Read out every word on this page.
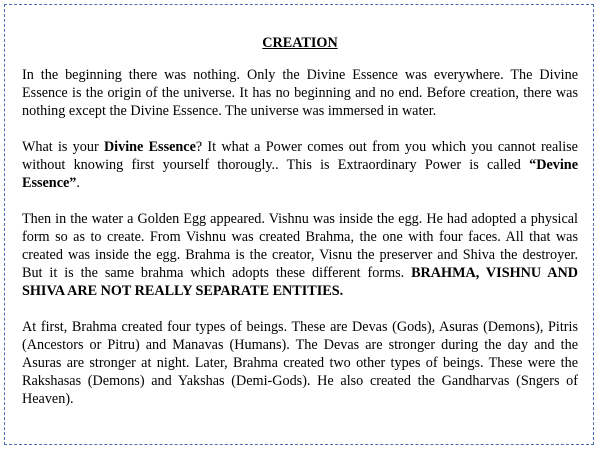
CREATION

In the beginning there was nothing. Only the Divine Essence was everywhere. The Divine Essence is the origin of the universe. It has no beginning and no end. Before creation, there was nothing except the Divine Essence. The universe was immersed in water.

What is your Divine Essence? It what a Power comes out from you which you cannot realise without knowing first yourself thorougly.. This is Extraordinary Power is called “Devine Essence”.

Then in the water a Golden Egg appeared. Vishnu was inside the egg. He had adopted a physical form so as to create. From Vishnu was created Brahma, the one with four faces. All that was created was inside the egg. Brahma is the creator, Visnu the preserver and Shiva the destroyer. But it is the same brahma which adopts these different forms. BRAHMA, VISHNU AND SHIVA ARE NOT REALLY SEPARATE ENTITIES.

At first, Brahma created four types of beings. These are Devas (Gods), Asuras (Demons), Pitris (Ancestors or Pitru) and Manavas (Humans). The Devas are stronger during the day and the Asuras are stronger at night. Later, Brahma created two other types of beings. These were the Rakshasas (Demons) and Yakshas (Demi-Gods). He also created the Gandharvas (Sngers of Heaven).
